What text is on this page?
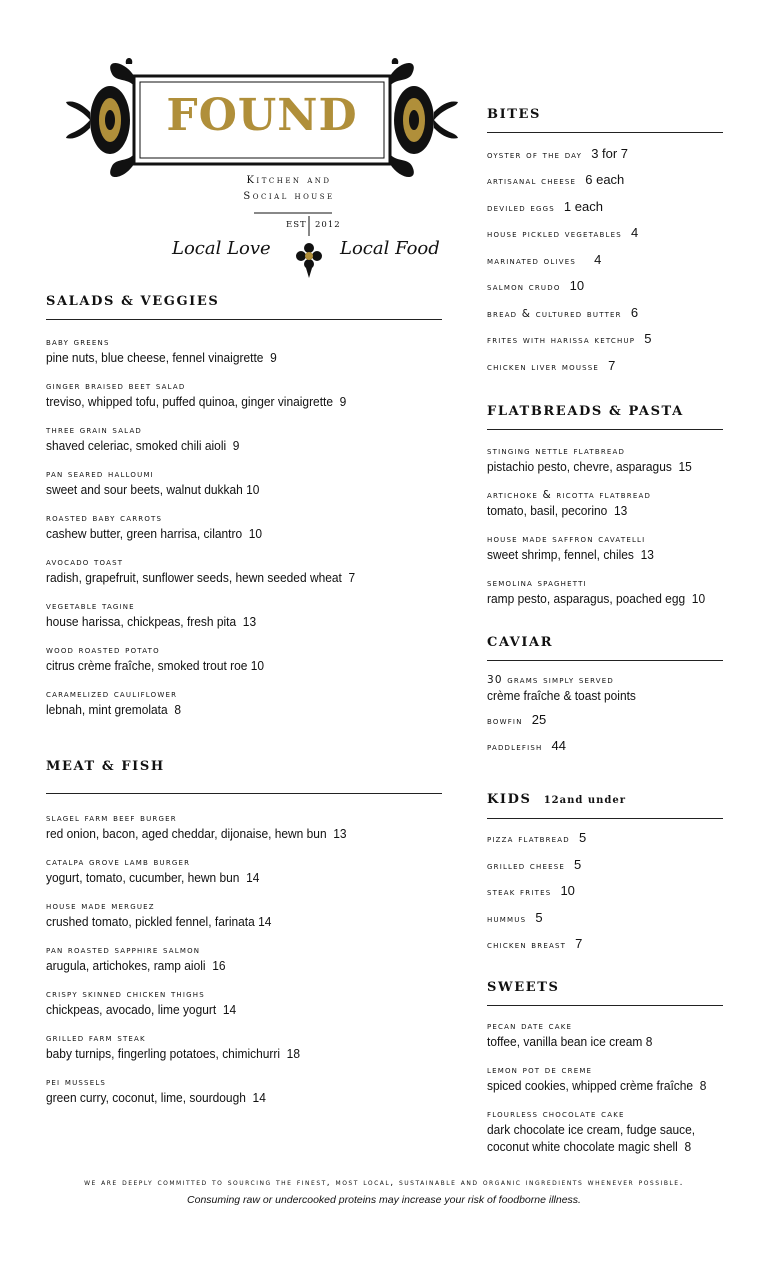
FOUND
Kitchen and
Social house
EST 2012
Local Love	Local Food
SALADS & VEGGIES
baby greens
pine nuts, blue cheese, fennel vinaigrette 9
ginger braised beet salad
treviso, whipped tofu, puffed quinoa, ginger vinaigrette 9
three grain salad
shaved celeriac, smoked chili aioli 9
pan seared halloumi
sweet and sour beets, walnut dukkah 10
roasted baby carrots
cashew butter, green harrisa, cilantro 10
avocado toast
radish, grapefruit, sunflower seeds, hewn seeded wheat 7
vegetable tagine
house harissa, chickpeas, fresh pita 13
wood roasted potato
citrus crème fraîche, smoked trout roe 10
caramelized cauliflower
lebnah, mint gremolata 8
MEAT & FISH
slagel farm beef burger
red onion, bacon, aged cheddar, dijonaise, hewn bun 13
catalpa grove lamb burger
yogurt, tomato, cucumber, hewn bun 14
house made merguez
crushed tomato, pickled fennel, farinata 14
pan roasted sapphire salmon
arugula, artichokes, ramp aioli 16
crispy skinned chicken thighs
chickpeas, avocado, lime yogurt 14
grilled farm steak
baby turnips, fingerling potatoes, chimichurri 18
pei mussels
green curry, coconut, lime, sourdough 14
BITES
oyster of the day 3 for 7
artisanal cheese 6 each
deviled eggs 1 each
house pickled vegetables 4
marinated olives 4
salmon crudo 10
bread & cultured butter 6
frites with harissa ketchup 5
chicken liver mousse 7
FLATBREADS & PASTA
stinging nettle flatbread
pistachio pesto, chevre, asparagus 15
artichoke & ricotta flatbread
tomato, basil, pecorino 13
house made saffron cavatelli
sweet shrimp, fennel, chiles 13
semolina spaghetti
ramp pesto, asparagus, poached egg 10
CAVIAR
30 grams simply served
crème fraîche & toast points
bowfin 25
paddlefish 44
KIDS 12and under
pizza flatbread 5
grilled cheese 5
steak frites 10
hummus 5
chicken breast 7
SWEETS
pecan date cake
toffee, vanilla bean ice cream 8
lemon pot de creme
spiced cookies, whipped crème fraîche 8
flourless chocolate cake
dark chocolate ice cream, fudge sauce,
coconut white chocolate magic shell 8
we are deeply committed to sourcing the finest, most local, sustainable and organic ingredients whenever possible.
Consuming raw or undercooked proteins may increase your risk of foodborne illness.
